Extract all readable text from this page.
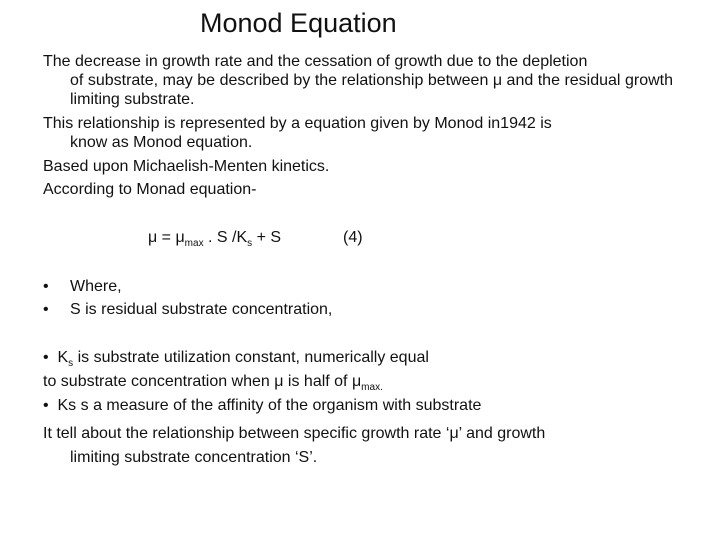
Monod Equation
The decrease in growth rate and the cessation of growth due to the depletion
of substrate, may be described by the relationship between μ and the residual growth limiting substrate.
This relationship is represented by a equation given by Monod in1942 is
know as Monod equation.
Based upon Michaelish-Menten kinetics.
According to Monad equation-
$\mu = \mu_{max}$ . S $/K_s + S$	(4)
• Where,
• S is residual substrate concentration,
• $K_s$ is substrate utilization constant, numerically equal
to substrate concentration when μ is half of $\mu_{max.}$
• Ks s a measure of the affinity of the organism with substrate
It tell about the relationship between specific growth rate ‘μ’ and growth
limiting substrate concentration ‘S’.
